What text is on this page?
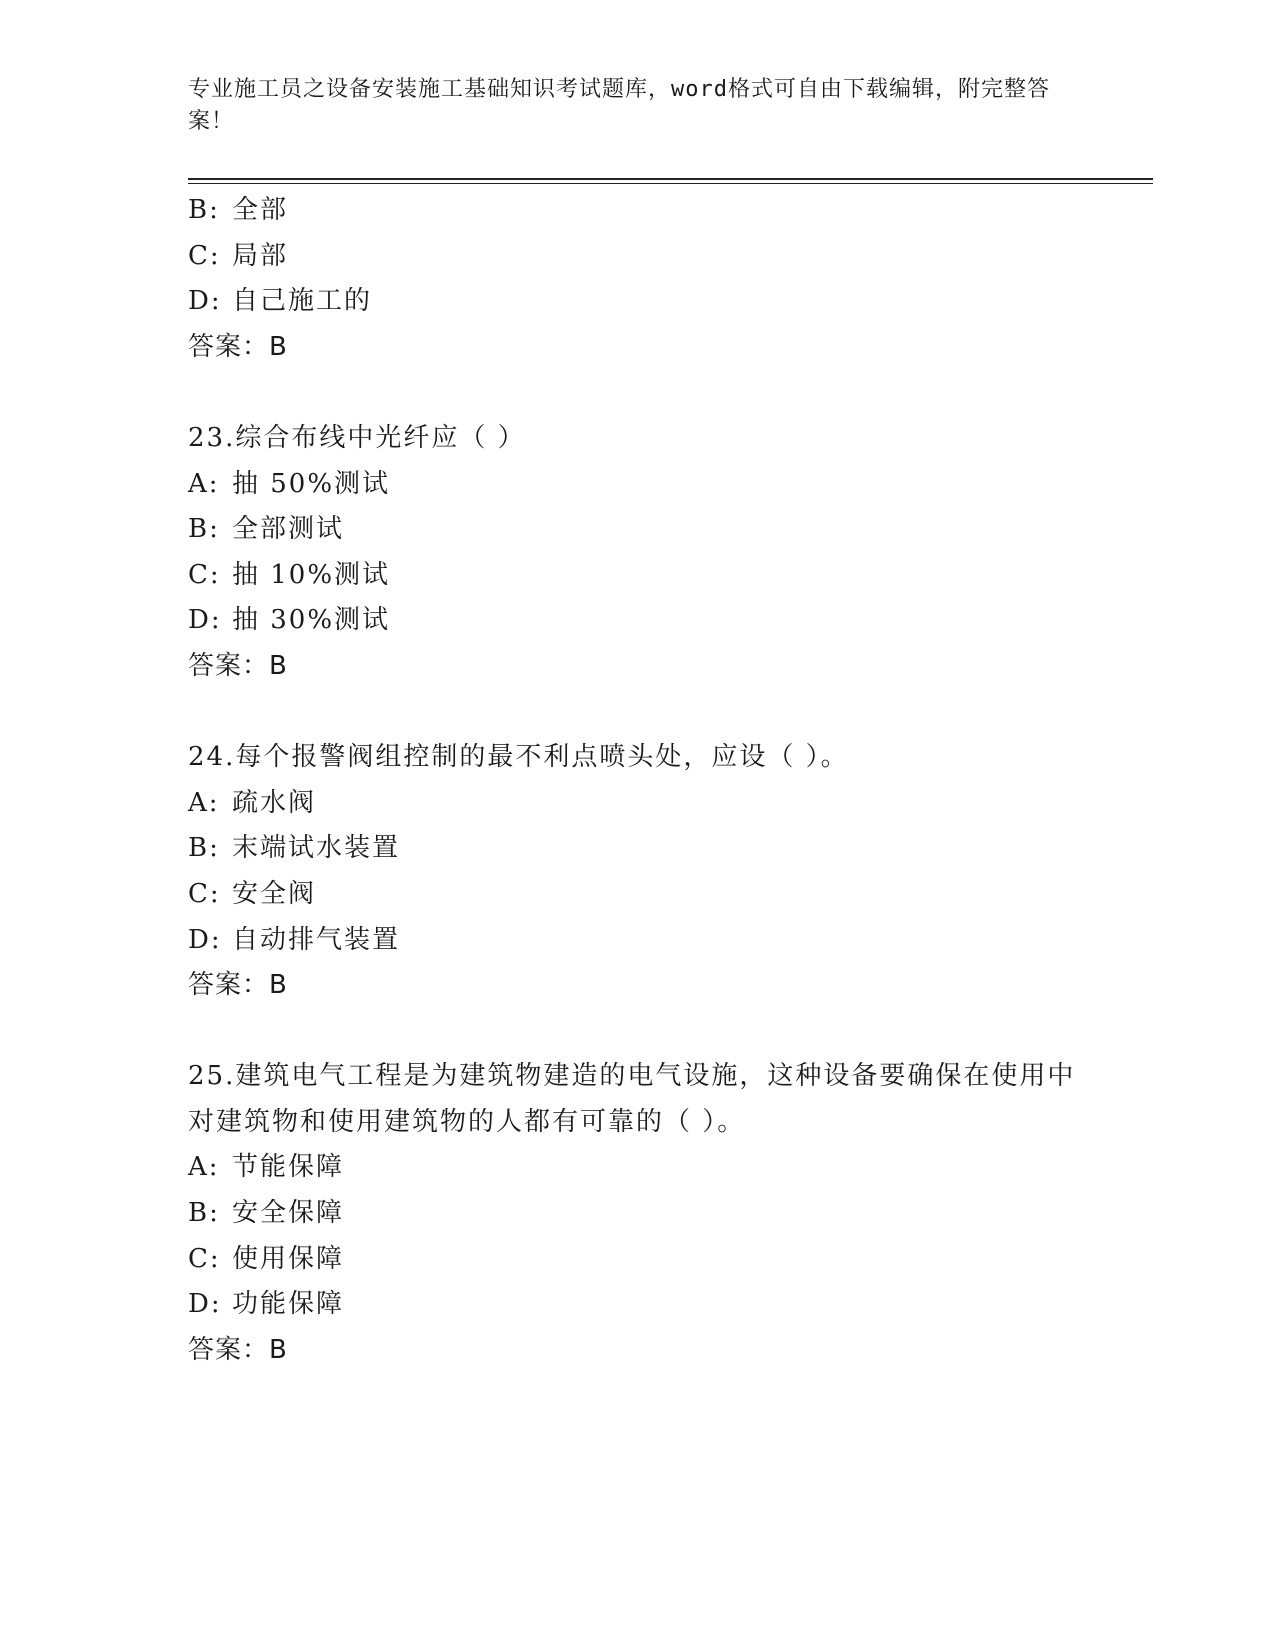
专业施工员之设备安装施工基础知识考试题库，word格式可自由下载编辑，附完整答案！
B: 全部
C: 局部
D: 自己施工的
答案：B
23.综合布线中光纤应（ ）
A: 抽 50%测试
B: 全部测试
C: 抽 10%测试
D: 抽 30%测试
答案：B
24.每个报警阀组控制的最不利点喷头处，应设（ ）。
A: 疏水阀
B: 末端试水装置
C: 安全阀
D: 自动排气装置
答案：B
25.建筑电气工程是为建筑物建造的电气设施，这种设备要确保在使用中对建筑物和使用建筑物的人都有可靠的（ ）。
A: 节能保障
B: 安全保障
C: 使用保障
D: 功能保障
答案：B
